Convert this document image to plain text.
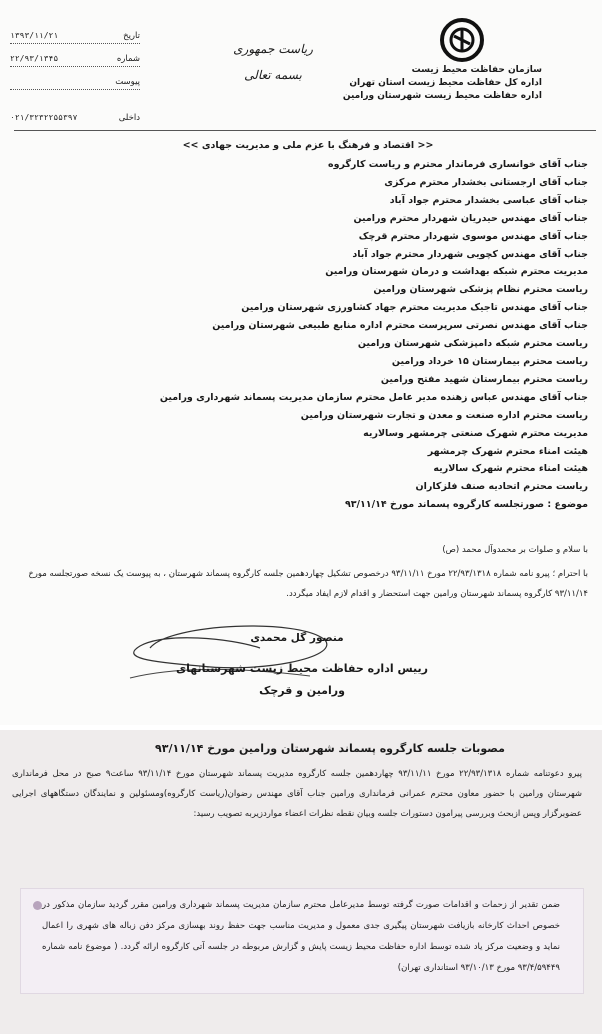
سازمان حفاظت محیط زیست
اداره کل حفاظت محیط زیست استان تهران
اداره حفاظت محیط زیست شهرستان ورامین
ریاست جمهوری
بسمه تعالی
تاریخ
۱۳۹۳/۱۱/۲۱
شماره
۲۲/۹۳/۱۳۴۵
پیوست
داخلی
۰۲۱/۳۲۳۲۲۵۵۳۹۷
<< اقتصاد و فرهنگ با عزم ملی و مدیریت جهادی >>
جناب آقای خوانساری فرماندار محترم و ریاست کارگروه
جناب آقای ارجستانی بخشدار محترم مرکزی
جناب آقای عباسی بخشدار محترم جواد آباد
جناب آقای مهندس حیدریان شهردار محترم ورامین
جناب آقای مهندس موسوی شهردار محترم قرچک
جناب آقای مهندس کچویی شهردار محترم جواد آباد
مدیریت محترم شبکه بهداشت و درمان شهرستان ورامین
ریاست محترم نظام پزشکی شهرستان ورامین
جناب آقای مهندس تاجیک مدیریت محترم جهاد کشاورزی شهرستان ورامین
جناب آقای مهندس نصرتی سرپرست محترم اداره منابع طبیعی شهرستان ورامین
ریاست محترم شبکه دامپزشکی شهرستان ورامین
ریاست محترم بیمارستان ۱۵ خرداد ورامین
ریاست محترم بیمارستان شهید مفتح ورامین
جناب آقای مهندس عباس زهنده مدیر عامل محترم سازمان مدیریت پسماند شهرداری ورامین
ریاست محترم اداره صنعت و معدن و تجارت شهرستان ورامین
مدیریت محترم شهرک صنعتی چرمشهر وسالاریه
هیئت امناء محترم شهرک چرمشهر
هیئت امناء محترم شهرک سالاریه
ریاست محترم اتحادیه صنف فلزکاران
موضوع : صورتجلسه کارگروه پسماند مورخ ۹۳/۱۱/۱۴
با سلام و صلوات بر محمدوآل محمد (ص)
با احترام ؛ پیرو نامه شماره ۲۲/۹۳/۱۳۱۸ مورخ ۹۳/۱۱/۱۱ درخصوص تشکیل چهاردهمین جلسه کارگروه پسماند شهرستان ، به پیوست یک نسخه صورتجلسه مورخ ۹۳/۱۱/۱۴ کارگروه پسماند شهرستان ورامین جهت استحضار و اقدام لازم ایفاد میگردد.
منصور گل محمدی
رییس اداره حفاظت محیط زیست شهرستانهای
ورامین و قرچک
مصوبات جلسه کارگروه پسماند شهرستان ورامین مورخ ۹۳/۱۱/۱۴
پیرو دعوتنامه شماره ۲۲/۹۳/۱۳۱۸ مورخ ۹۳/۱۱/۱۱ چهاردهمین جلسه کارگروه مدیریت پسماند شهرستان مورخ ۹۳/۱۱/۱۴ ساعت۹ صبح در محل فرمانداری شهرستان ورامین با حضور معاون محترم عمرانی فرمانداری ورامین جناب آقای مهندس رضوان(ریاست کارگروه)ومسئولین و نمایندگان دستگاههای اجرایی عضوبرگزار وپس ازبحث وبررسی پیرامون دستورات جلسه وبیان نقطه نظرات اعضاء مواردزیربه تصویب رسید:
ضمن تقدیر از زحمات و اقدامات صورت گرفته توسط مدیرعامل محترم سازمان مدیریت پسماند شهرداری ورامین مقرر گردید سازمان مذکور در خصوص احداث کارخانه بازیافت شهرستان پیگیری جدی معمول و مدیریت مناسب جهت حفظ روند بهسازی مرکز دفن زباله های شهری را اعمال نماید و وضعیت مرکز یاد شده توسط اداره حفاظت محیط زیست پایش و گزارش مربوطه در جلسه آتی کارگروه ارائه گردد. ( موضوع نامه شماره ۹۳/۴/۵۹۴۴۹ مورخ ۹۳/۱۰/۱۳ استانداری تهران)
